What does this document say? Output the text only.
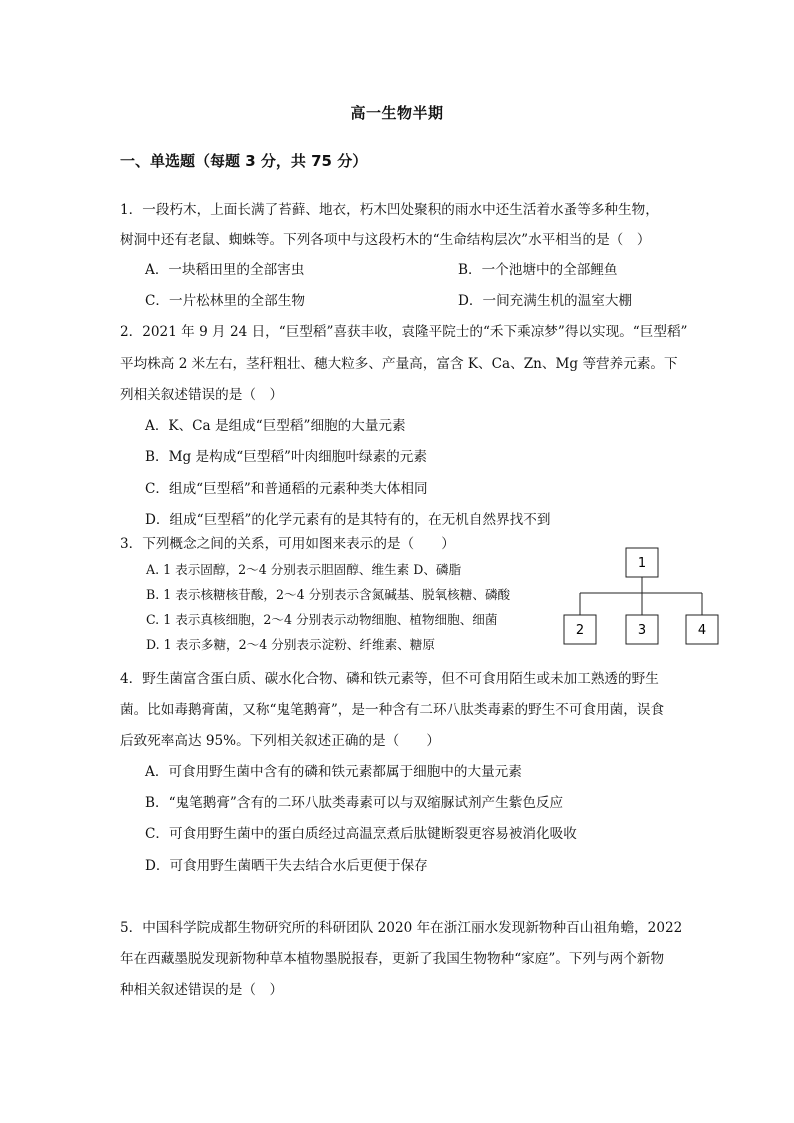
高一生物半期
一、单选题（每题 3 分，共 75 分）
1．一段朽木，上面长满了苔藓、地衣，朽木凹处聚积的雨水中还生活着水蚤等多种生物，
树洞中还有老鼠、蜘蛛等。下列各项中与这段朽木的“生命结构层次”水平相当的是（　）
A．一块稻田里的全部害虫	B．一个池塘中的全部鲤鱼
C．一片松林里的全部生物	D．一间充满生机的温室大棚
2．2021 年 9 月 24 日，“巨型稻”喜获丰收，袁隆平院士的“禾下乘凉梦”得以实现。“巨型稻”
平均株高 2 米左右，茎秆粗壮、穗大粒多、产量高，富含 K、Ca、Zn、Mg 等营养元素。下
列相关叙述错误的是（　）
A．K、Ca 是组成“巨型稻”细胞的大量元素
B．Mg 是构成“巨型稻”叶肉细胞叶绿素的元素
C．组成“巨型稻”和普通稻的元素种类大体相同
D．组成“巨型稻”的化学元素有的是其特有的，在无机自然界找不到
3．下列概念之间的关系，可用如图来表示的是（　　）
A. 1 表示固醇，2～4 分别表示胆固醇、维生素 D、磷脂
B. 1 表示核糖核苷酸，2～4 分别表示含氮碱基、脱氧核糖、磷酸
C. 1 表示真核细胞，2～4 分别表示动物细胞、植物细胞、细菌
D. 1 表示多糖，2～4 分别表示淀粉、纤维素、糖原
1
2	3	4
4．野生菌富含蛋白质、碳水化合物、磷和铁元素等，但不可食用陌生或未加工熟透的野生
菌。比如毒鹅膏菌，又称“鬼笔鹅膏”，是一种含有二环八肽类毒素的野生不可食用菌，误食
后致死率高达 95%。下列相关叙述正确的是（　　）
A．可食用野生菌中含有的磷和铁元素都属于细胞中的大量元素
B．“鬼笔鹅膏”含有的二环八肽类毒素可以与双缩脲试剂产生紫色反应
C．可食用野生菌中的蛋白质经过高温烹煮后肽键断裂更容易被消化吸收
D．可食用野生菌晒干失去结合水后更便于保存
5．中国科学院成都生物研究所的科研团队 2020 年在浙江丽水发现新物种百山祖角蟾，2022
年在西藏墨脱发现新物种草本植物墨脱报春，更新了我国生物物种“家庭”。下列与两个新物
种相关叙述错误的是（　）
